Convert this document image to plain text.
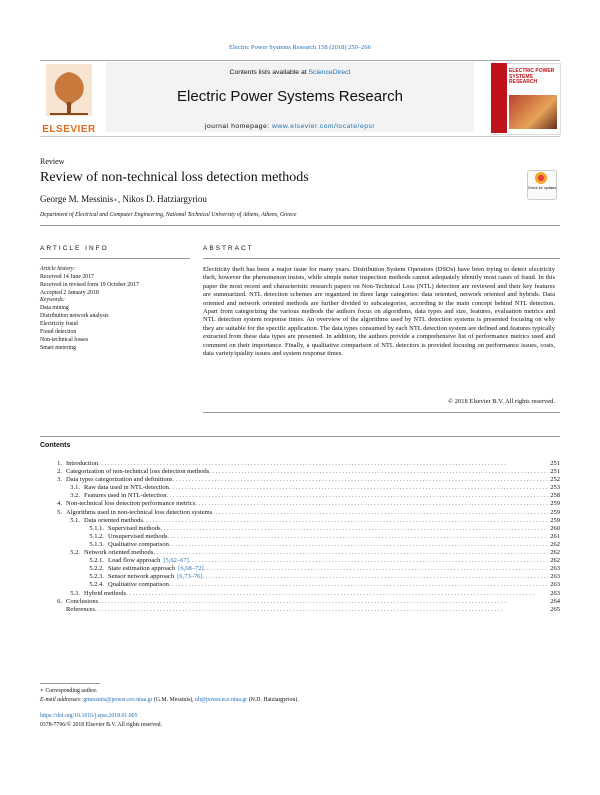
Electric Power Systems Research 158 (2018) 250–266
ELSEVIER
Contents lists available at ScienceDirect
Electric Power Systems Research
journal homepage: www.elsevier.com/locate/epsr
ELECTRIC POWER SYSTEMS RESEARCH
Review
Review of non-technical loss detection methods
George M. Messinis∗, Nikos D. Hatziargyriou
Check for updates
Department of Electrical and Computer Engineering, National Technical University of Athens, Athens, Greece
ARTICLE INFO
Article history:
Received 14 June 2017
Received in revised form 19 October 2017
Accepted 2 January 2018
Keywords:
Data mining
Distribution network analysis
Electricity fraud
Fraud detection
Non-technical losses
Smart metering
ABSTRACT
Electricity theft has been a major issue for many years. Distribution System Operators (DSOs) have been trying to detect electricity theft, however the phenomenon insists, while simple meter inspection methods cannot adequately identify most cases of fraud. In this paper the most recent and characteristic research papers on Non-Technical Loss (NTL) detection are reviewed and their key features are summarized. NTL detection schemes are organized in three large categories: data oriented, network oriented and hybrids. Data oriented and network oriented methods are further divided to subcategories, according to the main concept behind NTL detection. Apart from categorizing the various methods the authors focus on algorithms, data types and size, features, evaluation metrics and NTL detection system response times. An overview of the algorithms used by NTL detection systems is presented focusing on why they are suitable for the specific application. The data types consumed by each NTL detection system are defined and features typically extracted from these data types are presented. In addition, the authors provide a comprehensive list of performance metrics used and comment on their importance. Finally, a qualitative comparison of NTL detectors is provided focusing on performance issues, costs, data variety/quality issues and system response times.
© 2018 Elsevier B.V. All rights reserved.
Contents
1. Introduction . . .	251
2. Categorization of non-technical loss detection methods . . .	251
3. Data types categorization and definitions . . .	252
3.1. Raw data used in NTL-detection . . .	253
3.2. Features used in NTL-detection . . .	258
4. Non-technical loss detection performance metrics . . .	259
5. Algorithms used in non-technical loss detection systems . . .	259
5.1. Data oriented methods . . .	259
5.1.1. Supervised methods . . .	260
5.1.2. Unsupervised methods . . .	261
5.1.3. Qualitative comparison . . .	262
5.2. Network oriented methods . . .	262
5.2.1. Load flow approach [5,62–67] . . .	262
5.2.2. State estimation approach [6,68–72] . . .	263
5.2.3. Sensor network approach [6,73–76] . . .	263
5.2.4. Qualitative comparison . . .	263
5.3. Hybrid methods . . .	263
6. Conclusions . . .	264
References . . .	265
∗ Corresponding author.
E-mail addresses: gmessinis@power.ece.ntua.gr (G.M. Messinis), nh@power.ece.ntua.gr (N.D. Hatziargyriou).
https://doi.org/10.1016/j.epsr.2018.01.005
0378-7796/© 2018 Elsevier B.V. All rights reserved.
